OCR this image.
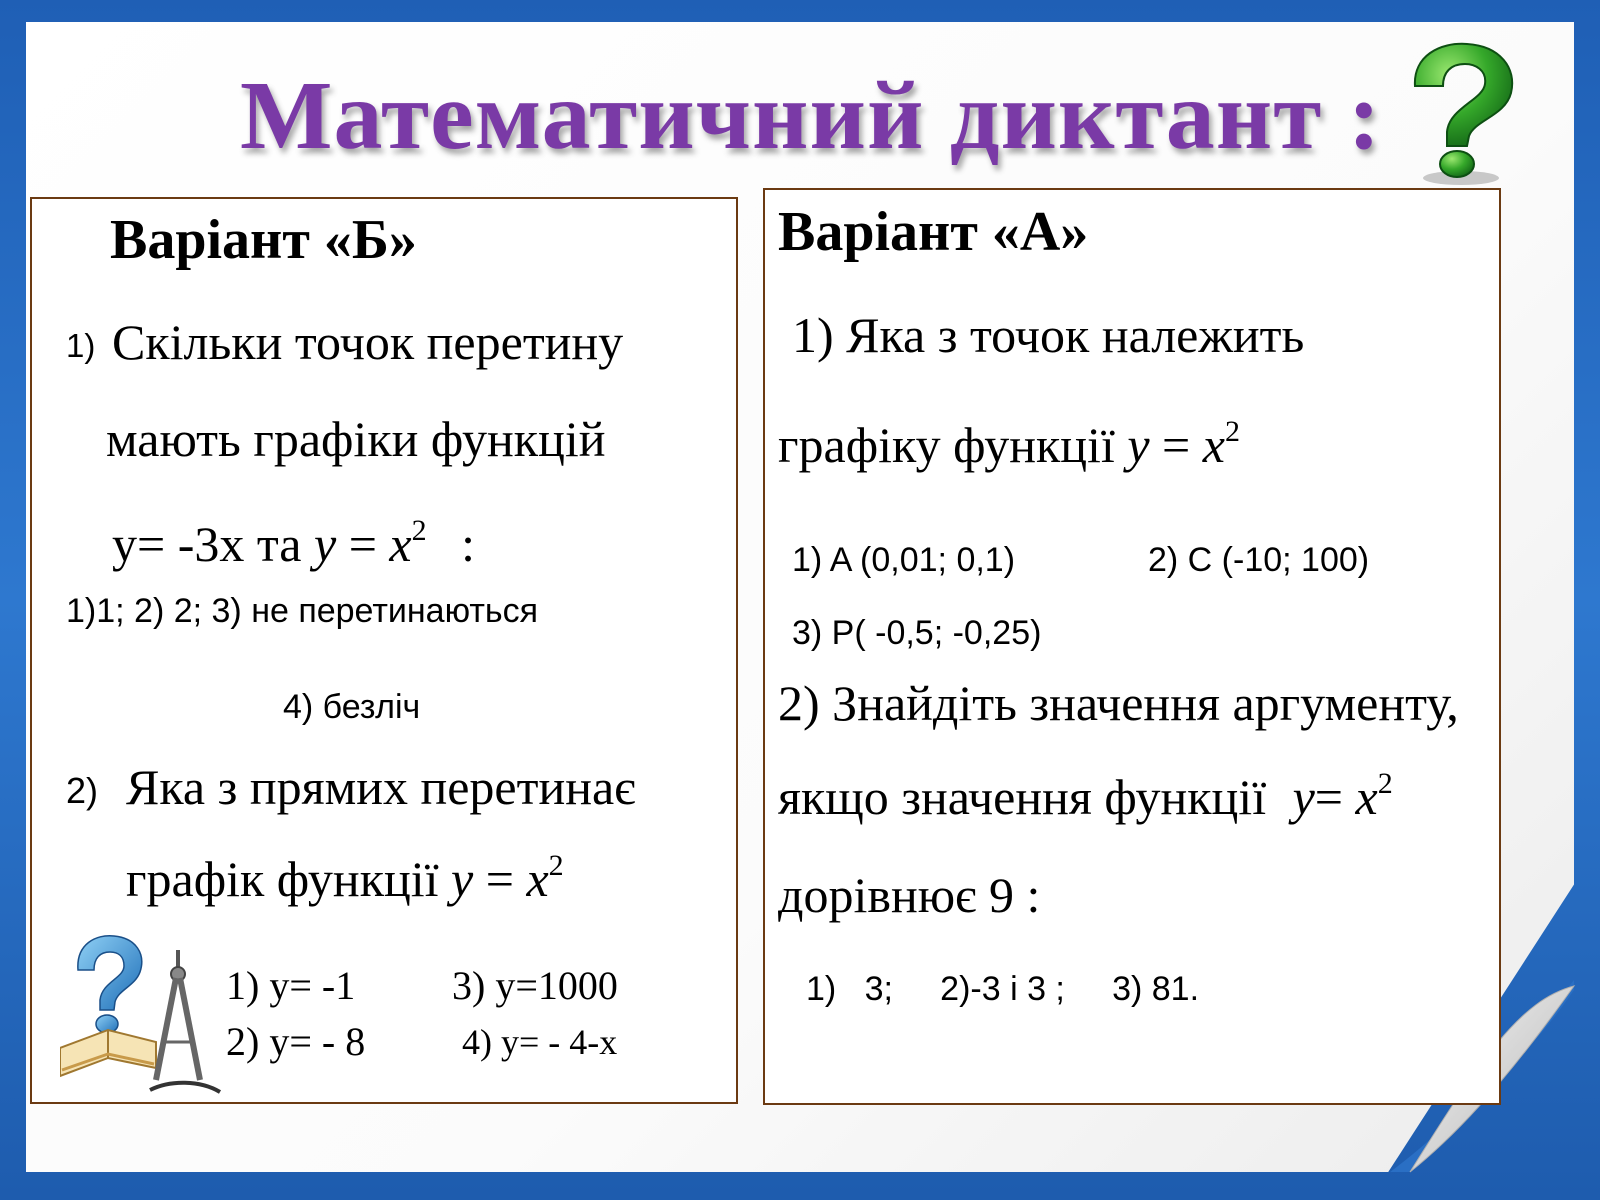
Математичний диктант :
Варіант «Б»
1) Скільки точок перетину
мають графіки функцій
y= -3x та $y = x^2$ :
1)1; 2) 2; 3) не перетинаються
4) безліч
2) Яка з прямих перетинає
графік функції $y = x^2$
1) y= -1 3) y=1000
2) y= - 8	4) y= - 4-x
Варіант «А»
1) Яка з точок належить
графіку функції $y = x^2$
1) A (0,01; 0,1)	2) C (-10; 100)
3) P( -0,5; -0,25)
2) Знайдіть значення аргументу,
якщо значення функції $y= x^2$
дорівнює 9 :
1)   3;     2)-3 і 3 ;     3) 81.
